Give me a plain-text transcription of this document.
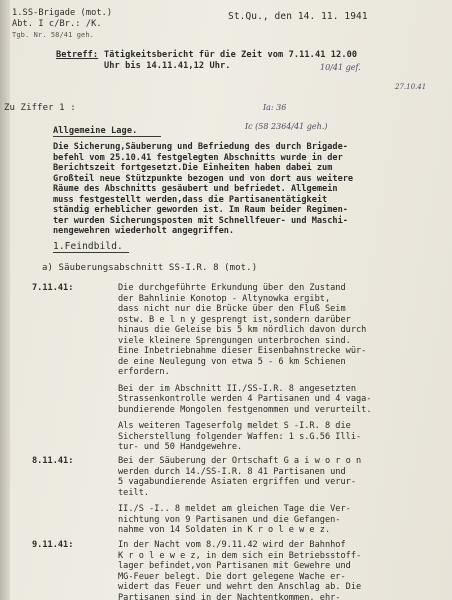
1.SS-Brigade (mot.)
Abt. I c/Br.: /K.
Tgb. Nr. 58/41 geh.
St.Qu., den 14. 11. 1941
Betreff: Tätigkeitsbericht für die Zeit vom 7.11.41 12.00
Uhr bis 14.11.41,12 Uhr.	10/41 gef.
27.10.41
Ia: 36
Ic (58 2364/41 geh.)
Zu Ziffer 1 :
Allgemeine Lage.
Die Sicherung,Säuberung und Befriedung des durch Brigade-
befehl vom 25.10.41 festgelegten Abschnitts wurde in der
Berichtszeit fortgesetzt.Die Einheiten haben dabei zum
Großteil neue Stützpunkte bezogen und von dort aus weitere
Räume des Abschnitts gesäubert und befriedet. Allgemein
muss festgestellt werden,dass die Partisanentätigkeit
ständig erheblicher geworden ist. Im Raum beider Regimen-
ter wurden Sicherungsposten mit Schnellfeuer- und Maschi-
nengewehren wiederholt angegriffen.
1.Feindbild.
a) Säuberungsabschnitt SS-I.R. 8 (mot.)
7.11.41:	Die durchgeführte Erkundung über den Zustand
der Bahnlinie Konotop - Altynowka ergibt,
dass nicht nur die Brücke über den Fluß Seim
ostw. B e l n y gesprengt ist,sondern darüber
hinaus die Geleise bis 5 km nördlich davon durch
viele kleinere Sprengungen unterbrochen sind.
Eine Inbetriebnahme dieser Eisenbahnstrecke wür-
de eine Neulegung von etwa 5 - 6 km Schienen
erfordern.
Bei der im Abschnitt II./SS-I.R. 8 angesetzten
Strassenkontrolle werden 4 Partisanen und 4 vaga-
bundierende Mongolen festgenommen und verurteilt.
Als weiteren Tageserfolg meldet S -I.R. 8 die
Sicherstellung folgender Waffen: 1 s.G.56 Illi-
tur- und 50 Handgewehre.
8.11.41:	Bei der Säuberung der Ortschaft G a i w o r o n
werden durch 14./SS-I.R. 8 41 Partisanen und
5 vagabundierende Asiaten ergriffen und verur-
teilt.
II./S -I.. 8 meldet am gleichen Tage die Ver-
nichtung von 9 Partisanen und die Gefangen-
nahme von 14 Soldaten in K r o l e w e z.
9.11.41:	In der Nacht vom 8./9.11.42 wird der Bahnhof
K r o l e w e z, in dem sich ein Betriebsstoff-
lager befindet,von Partisanen mit Gewehre und
MG-Feuer belegt. Die dort gelegene Wache er-
widert das Feuer und wehrt den Anschlag ab. Die
Partisanen sind in der Nachtentkommen. ehr-
